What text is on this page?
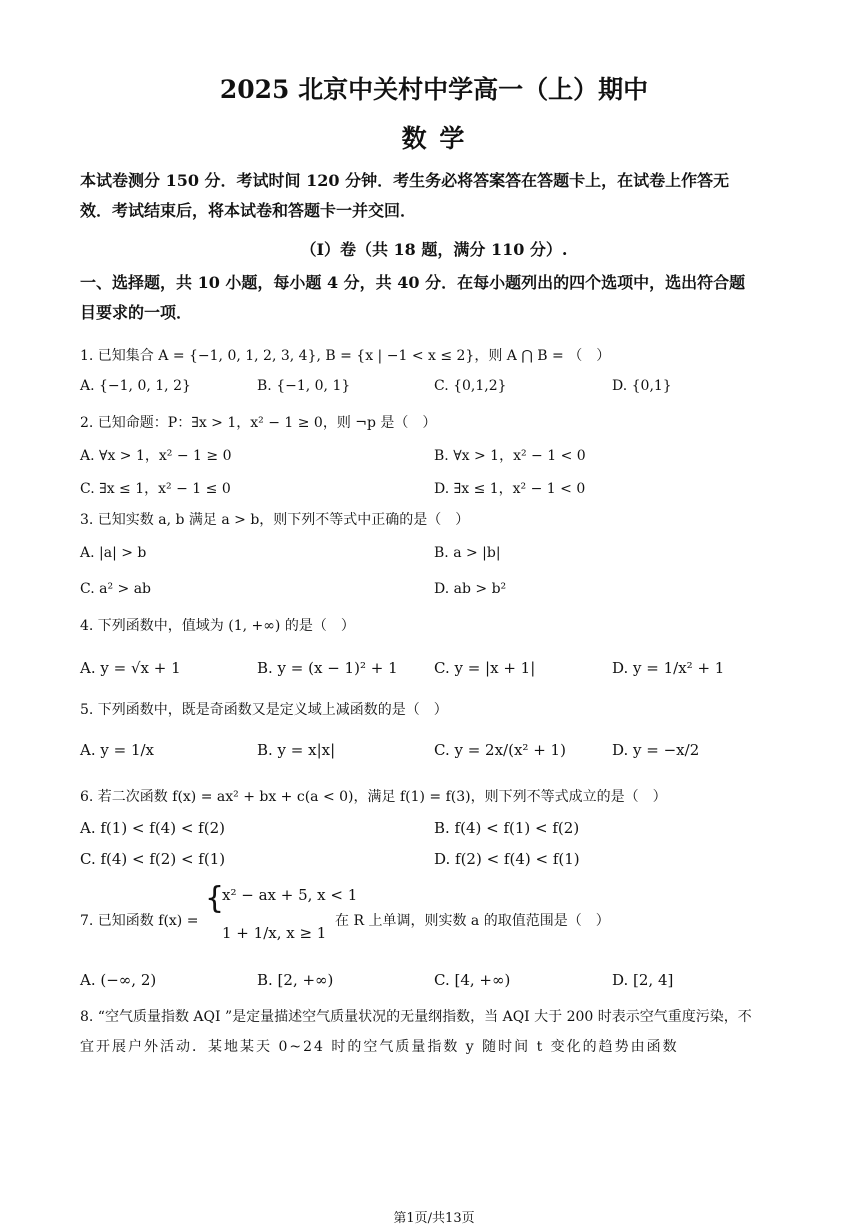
2025 北京中关村中学高一（上）期中
数 学
本试卷测分 150 分．考试时间 120 分钟．考生务必将答案答在答题卡上，在试卷上作答无
效．考试结束后，将本试卷和答题卡一并交回．
（I）卷（共 18 题，满分 110 分）.
一、选择题，共 10 小题，每小题 4 分，共 40 分．在每小题列出的四个选项中，选出符合题
目要求的一项．
1. 已知集合 A = {−1, 0, 1, 2, 3, 4}, B = {x | −1 < x ≤ 2}，则 A ⋂ B = （　）
A. {−1, 0, 1, 2}	B. {−1, 0, 1}	C. {0,1,2}	D. {0,1}
2. 已知命题：P：∃x > 1，x² − 1 ≥ 0，则 ¬p 是（　）
A. ∀x > 1，x² − 1 ≥ 0	B. ∀x > 1，x² − 1 < 0
C. ∃x ≤ 1，x² − 1 ≤ 0	D. ∃x ≤ 1，x² − 1 < 0
3. 已知实数 a, b 满足 a > b，则下列不等式中正确的是（　）
A. |a| > b	B. a > |b|
C. a² > ab	D. ab > b²
4. 下列函数中，值域为 (1, +∞) 的是（　）
A. y = √x + 1	B. y = (x − 1)² + 1 C. y = |x + 1|	D. y = 1/x² + 1
5. 下列函数中，既是奇函数又是定义域上减函数的是（　）
A. y = 1/x	B. y = x|x|	C. y = 2x/(x² + 1)	D. y = −x/2
6. 若二次函数 f(x) = ax² + bx + c(a < 0)，满足 f(1) = f(3)，则下列不等式成立的是（　）
A. f(1) < f(4) < f(2)	B. f(4) < f(1) < f(2)
C. f(4) < f(2) < f(1)	D. f(2) < f(4) < f(1)
7. 已知函数 f(x) =
{
x² − ax + 5, x < 1
1 + 1/x, x ≥ 1
在 R 上单调，则实数 a 的取值范围是（　）
A. (−∞, 2)	B. [2, +∞)	C. [4, +∞)	D. [2, 4]
8. “空气质量指数 AQI ”是定量描述空气质量状况的无量纲指数，当 AQI 大于 200 时表示空气重度污染，不
宜开展户外活动．某地某天 0~24 时的空气质量指数 y 随时间 t 变化的趋势由函数
第1页/共13页
